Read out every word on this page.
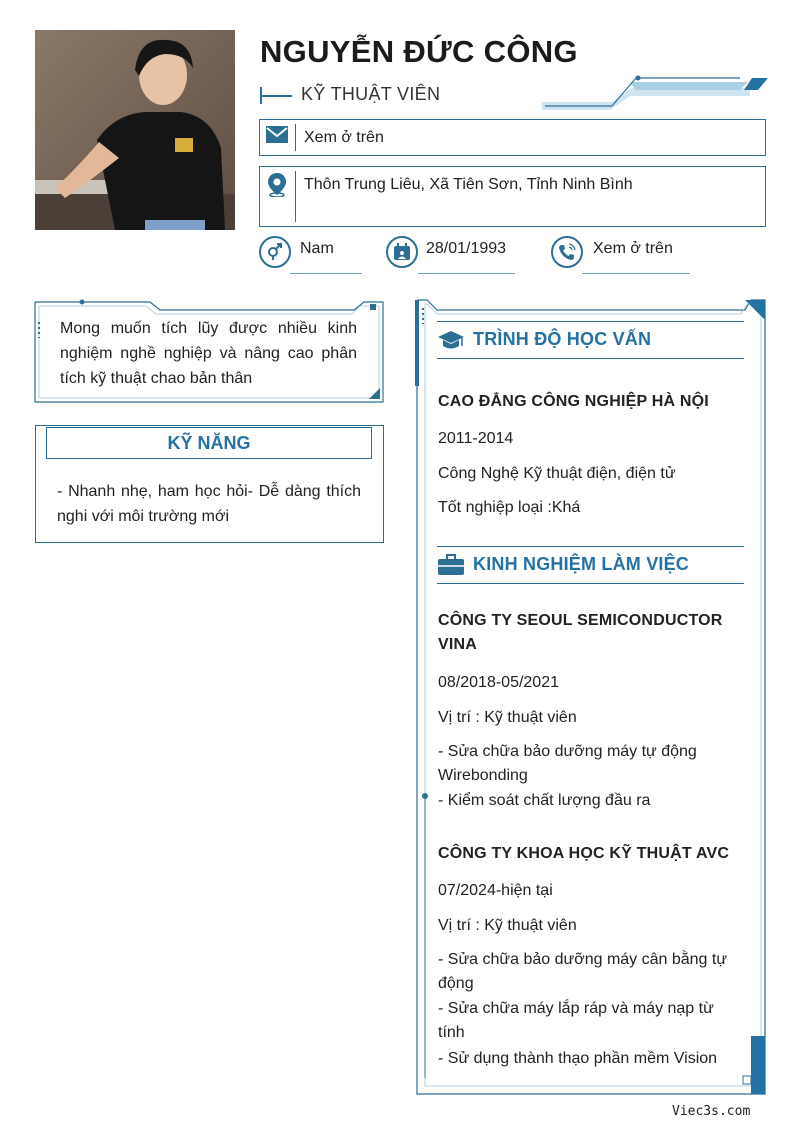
NGUYỄN ĐỨC CÔNG
KỸ THUẬT VIÊN
Xem ở trên
Thôn Trung Liêu, Xã Tiên Sơn, Tỉnh Ninh Bình
Nam	28/01/1993	Xem ở trên
Mong muốn tích lũy được nhiều kinh nghiệm nghề nghiệp và nâng cao phân tích kỹ thuật chao bản thân
KỸ NĂNG
- Nhanh nhẹ, ham học hỏi- Dễ dàng thích nghi với môi trường mới
TRÌNH ĐỘ HỌC VẤN
CAO ĐẲNG CÔNG NGHIỆP HÀ NỘI
2011-2014
Công Nghệ Kỹ thuật điện, điện tử
Tốt nghiệp loại :Khá
KINH NGHIỆM LÀM VIỆC
CÔNG TY SEOUL SEMICONDUCTOR VINA
08/2018-05/2021
Vị trí : Kỹ thuật viên
- Sửa chữa bảo dưỡng máy tự động Wirebonding
- Kiểm soát chất lượng đầu ra
CÔNG TY KHOA HỌC KỸ THUẬT AVC
07/2024-hiện tại
Vị trí : Kỹ thuật viên
- Sửa chữa bảo dưỡng máy cân bằng tự động
- Sửa chữa máy lắp ráp và máy nạp từ tính
- Sử dụng thành thạo phần mềm Vision
Viec3s.com
